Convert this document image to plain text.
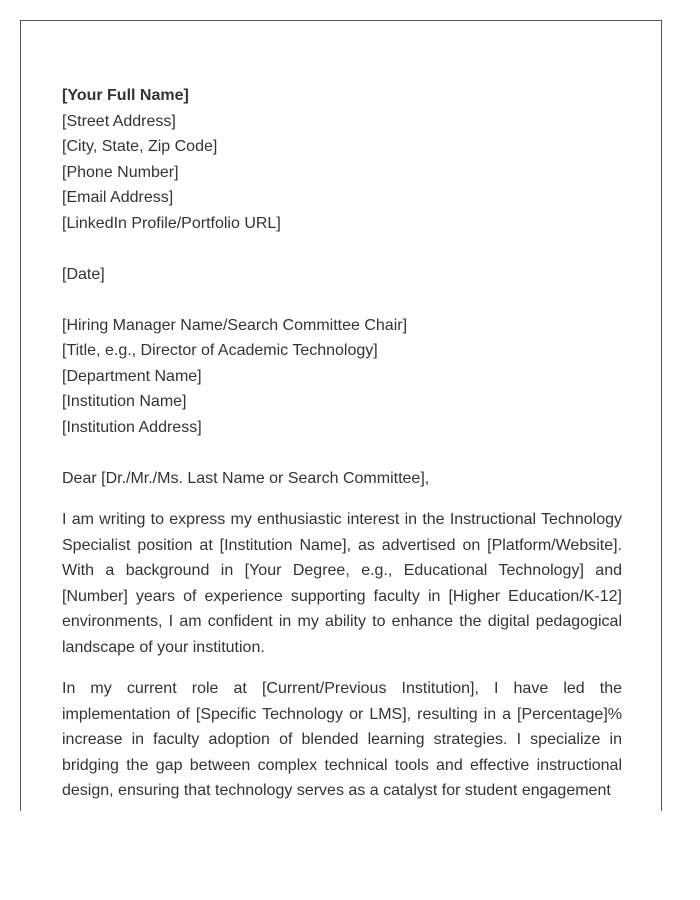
[Your Full Name]
[Street Address]
[City, State, Zip Code]
[Phone Number]
[Email Address]
[LinkedIn Profile/Portfolio URL]
[Date]
[Hiring Manager Name/Search Committee Chair]
[Title, e.g., Director of Academic Technology]
[Department Name]
[Institution Name]
[Institution Address]
Dear [Dr./Mr./Ms. Last Name or Search Committee],

I am writing to express my enthusiastic interest in the Instructional Technology Specialist position at [Institution Name], as advertised on [Platform/Website]. With a background in [Your Degree, e.g., Educational Technology] and [Number] years of experience supporting faculty in [Higher Education/K-12] environments, I am confident in my ability to enhance the digital pedagogical landscape of your institution.

In my current role at [Current/Previous Institution], I have led the implementation of [Specific Technology or LMS], resulting in a [Percentage]% increase in faculty adoption of blended learning strategies. I specialize in bridging the gap between complex technical tools and effective instructional design, ensuring that technology serves as a catalyst for student engagement
